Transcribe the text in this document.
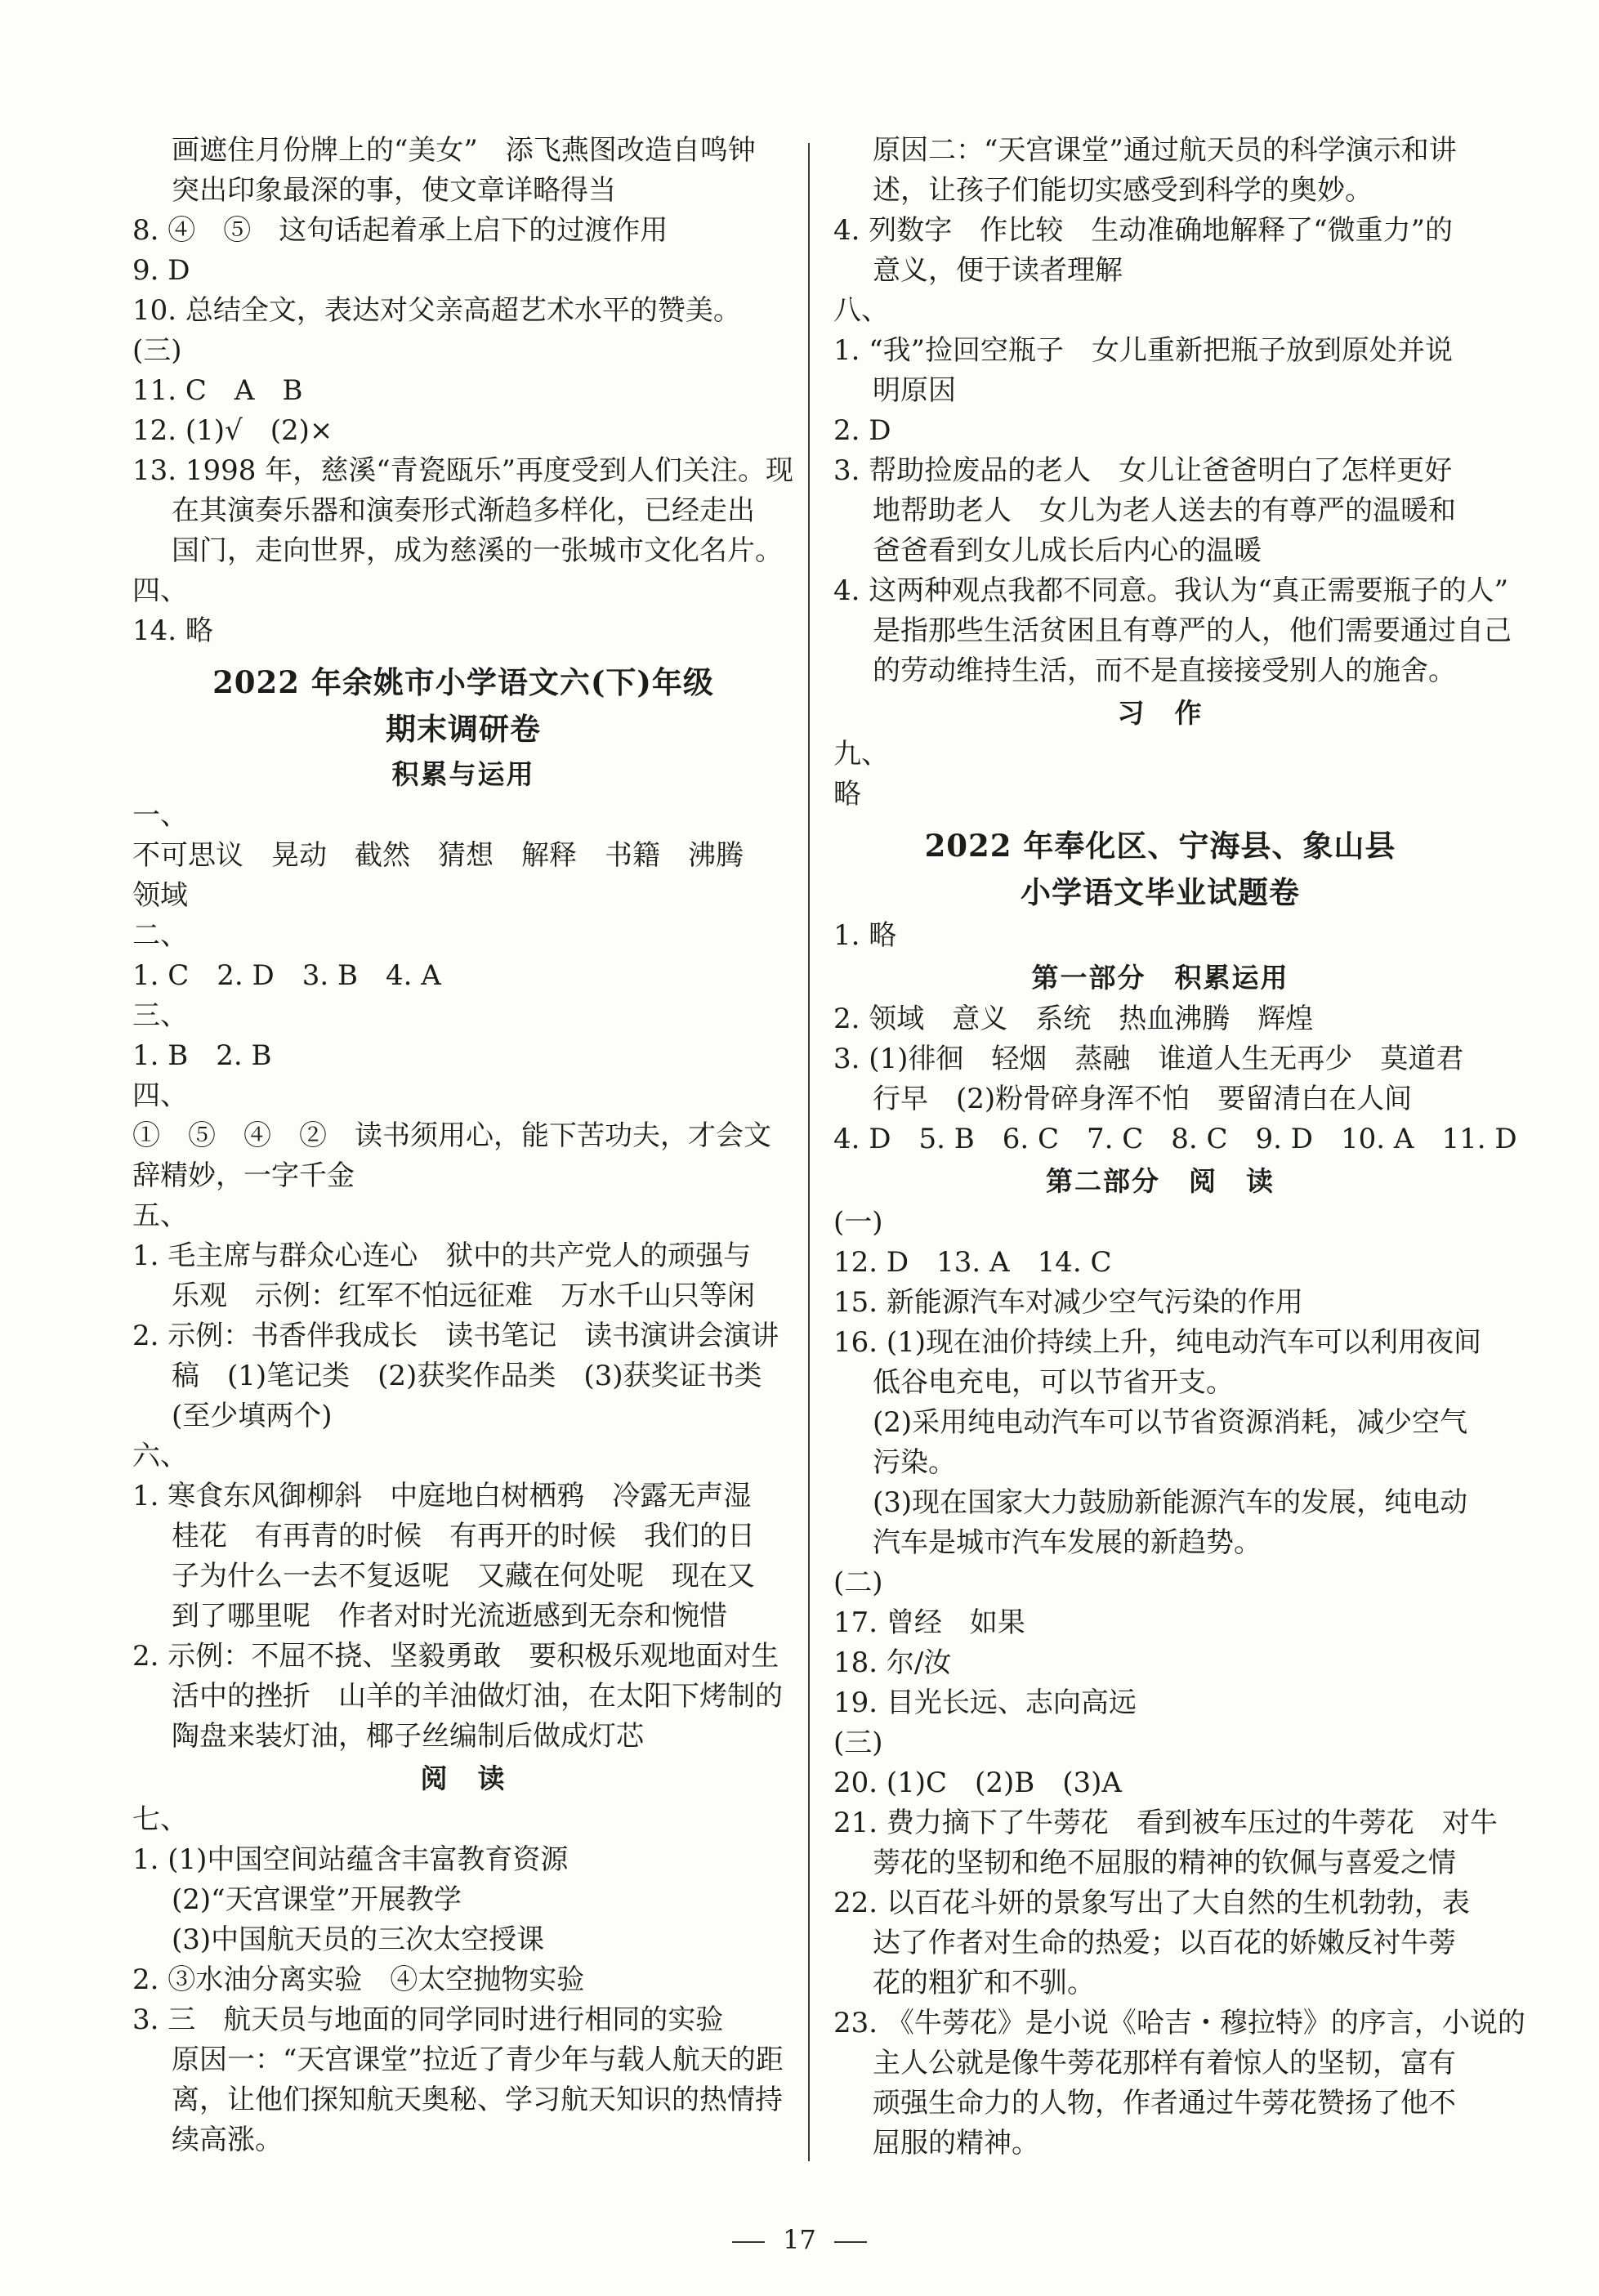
画遮住月份牌上的“美女”　添飞燕图改造自鸣钟
突出印象最深的事，使文章详略得当
8. ④　⑤　这句话起着承上启下的过渡作用
9. D
10. 总结全文，表达对父亲高超艺术水平的赞美。
(三)
11. C　A　B
12. (1)√　(2)×
13. 1998 年，慈溪“青瓷瓯乐”再度受到人们关注。现
在其演奏乐器和演奏形式渐趋多样化，已经走出
国门，走向世界，成为慈溪的一张城市文化名片。
四、
14. 略
2022 年余姚市小学语文六(下)年级
期末调研卷
积累与运用
一、
不可思议　晃动　截然　猜想　解释　书籍　沸腾
领域
二、
1. C　2. D　3. B　4. A
三、
1. B　2. B
四、
①　⑤　④　②　读书须用心，能下苦功夫，才会文
辞精妙，一字千金
五、
1. 毛主席与群众心连心　狱中的共产党人的顽强与
乐观　示例：红军不怕远征难　万水千山只等闲
2. 示例：书香伴我成长　读书笔记　读书演讲会演讲
稿　(1)笔记类　(2)获奖作品类　(3)获奖证书类
(至少填两个)
六、
1. 寒食东风御柳斜　中庭地白树栖鸦　冷露无声湿
桂花　有再青的时候　有再开的时候　我们的日
子为什么一去不复返呢　又藏在何处呢　现在又
到了哪里呢　作者对时光流逝感到无奈和惋惜
2. 示例：不屈不挠、坚毅勇敢　要积极乐观地面对生
活中的挫折　山羊的羊油做灯油，在太阳下烤制的
陶盘来装灯油，椰子丝编制后做成灯芯
阅　读
七、
1. (1)中国空间站蕴含丰富教育资源
(2)“天宫课堂”开展教学
(3)中国航天员的三次太空授课
2. ③水油分离实验　④太空抛物实验
3. 三　航天员与地面的同学同时进行相同的实验
原因一：“天宫课堂”拉近了青少年与载人航天的距
离，让他们探知航天奥秘、学习航天知识的热情持
续高涨。
原因二：“天宫课堂”通过航天员的科学演示和讲
述，让孩子们能切实感受到科学的奥妙。
4. 列数字　作比较　生动准确地解释了“微重力”的
意义，便于读者理解
八、
1. “我”捡回空瓶子　女儿重新把瓶子放到原处并说
明原因
2. D
3. 帮助捡废品的老人　女儿让爸爸明白了怎样更好
地帮助老人　女儿为老人送去的有尊严的温暖和
爸爸看到女儿成长后内心的温暖
4. 这两种观点我都不同意。我认为“真正需要瓶子的人”
是指那些生活贫困且有尊严的人，他们需要通过自己
的劳动维持生活，而不是直接接受别人的施舍。
习　作
九、
略
2022 年奉化区、宁海县、象山县
小学语文毕业试题卷
1. 略
第一部分　积累运用
2. 领域　意义　系统　热血沸腾　辉煌
3. (1)徘徊　轻烟　蒸融　谁道人生无再少　莫道君
行早　(2)粉骨碎身浑不怕　要留清白在人间
4. D　5. B　6. C　7. C　8. C　9. D　10. A　11. D
第二部分　阅　读
(一)
12. D　13. A　14. C
15. 新能源汽车对减少空气污染的作用
16. (1)现在油价持续上升，纯电动汽车可以利用夜间
低谷电充电，可以节省开支。
(2)采用纯电动汽车可以节省资源消耗，减少空气
污染。
(3)现在国家大力鼓励新能源汽车的发展，纯电动
汽车是城市汽车发展的新趋势。
(二)
17. 曾经　如果
18. 尔/汝
19. 目光长远、志向高远
(三)
20. (1)C　(2)B　(3)A
21. 费力摘下了牛蒡花　看到被车压过的牛蒡花　对牛
蒡花的坚韧和绝不屈服的精神的钦佩与喜爱之情
22. 以百花斗妍的景象写出了大自然的生机勃勃，表
达了作者对生命的热爱；以百花的娇嫩反衬牛蒡
花的粗犷和不驯。
23. 《牛蒡花》是小说《哈吉・穆拉特》的序言，小说的
主人公就是像牛蒡花那样有着惊人的坚韧，富有
顽强生命力的人物，作者通过牛蒡花赞扬了他不
屈服的精神。
17
